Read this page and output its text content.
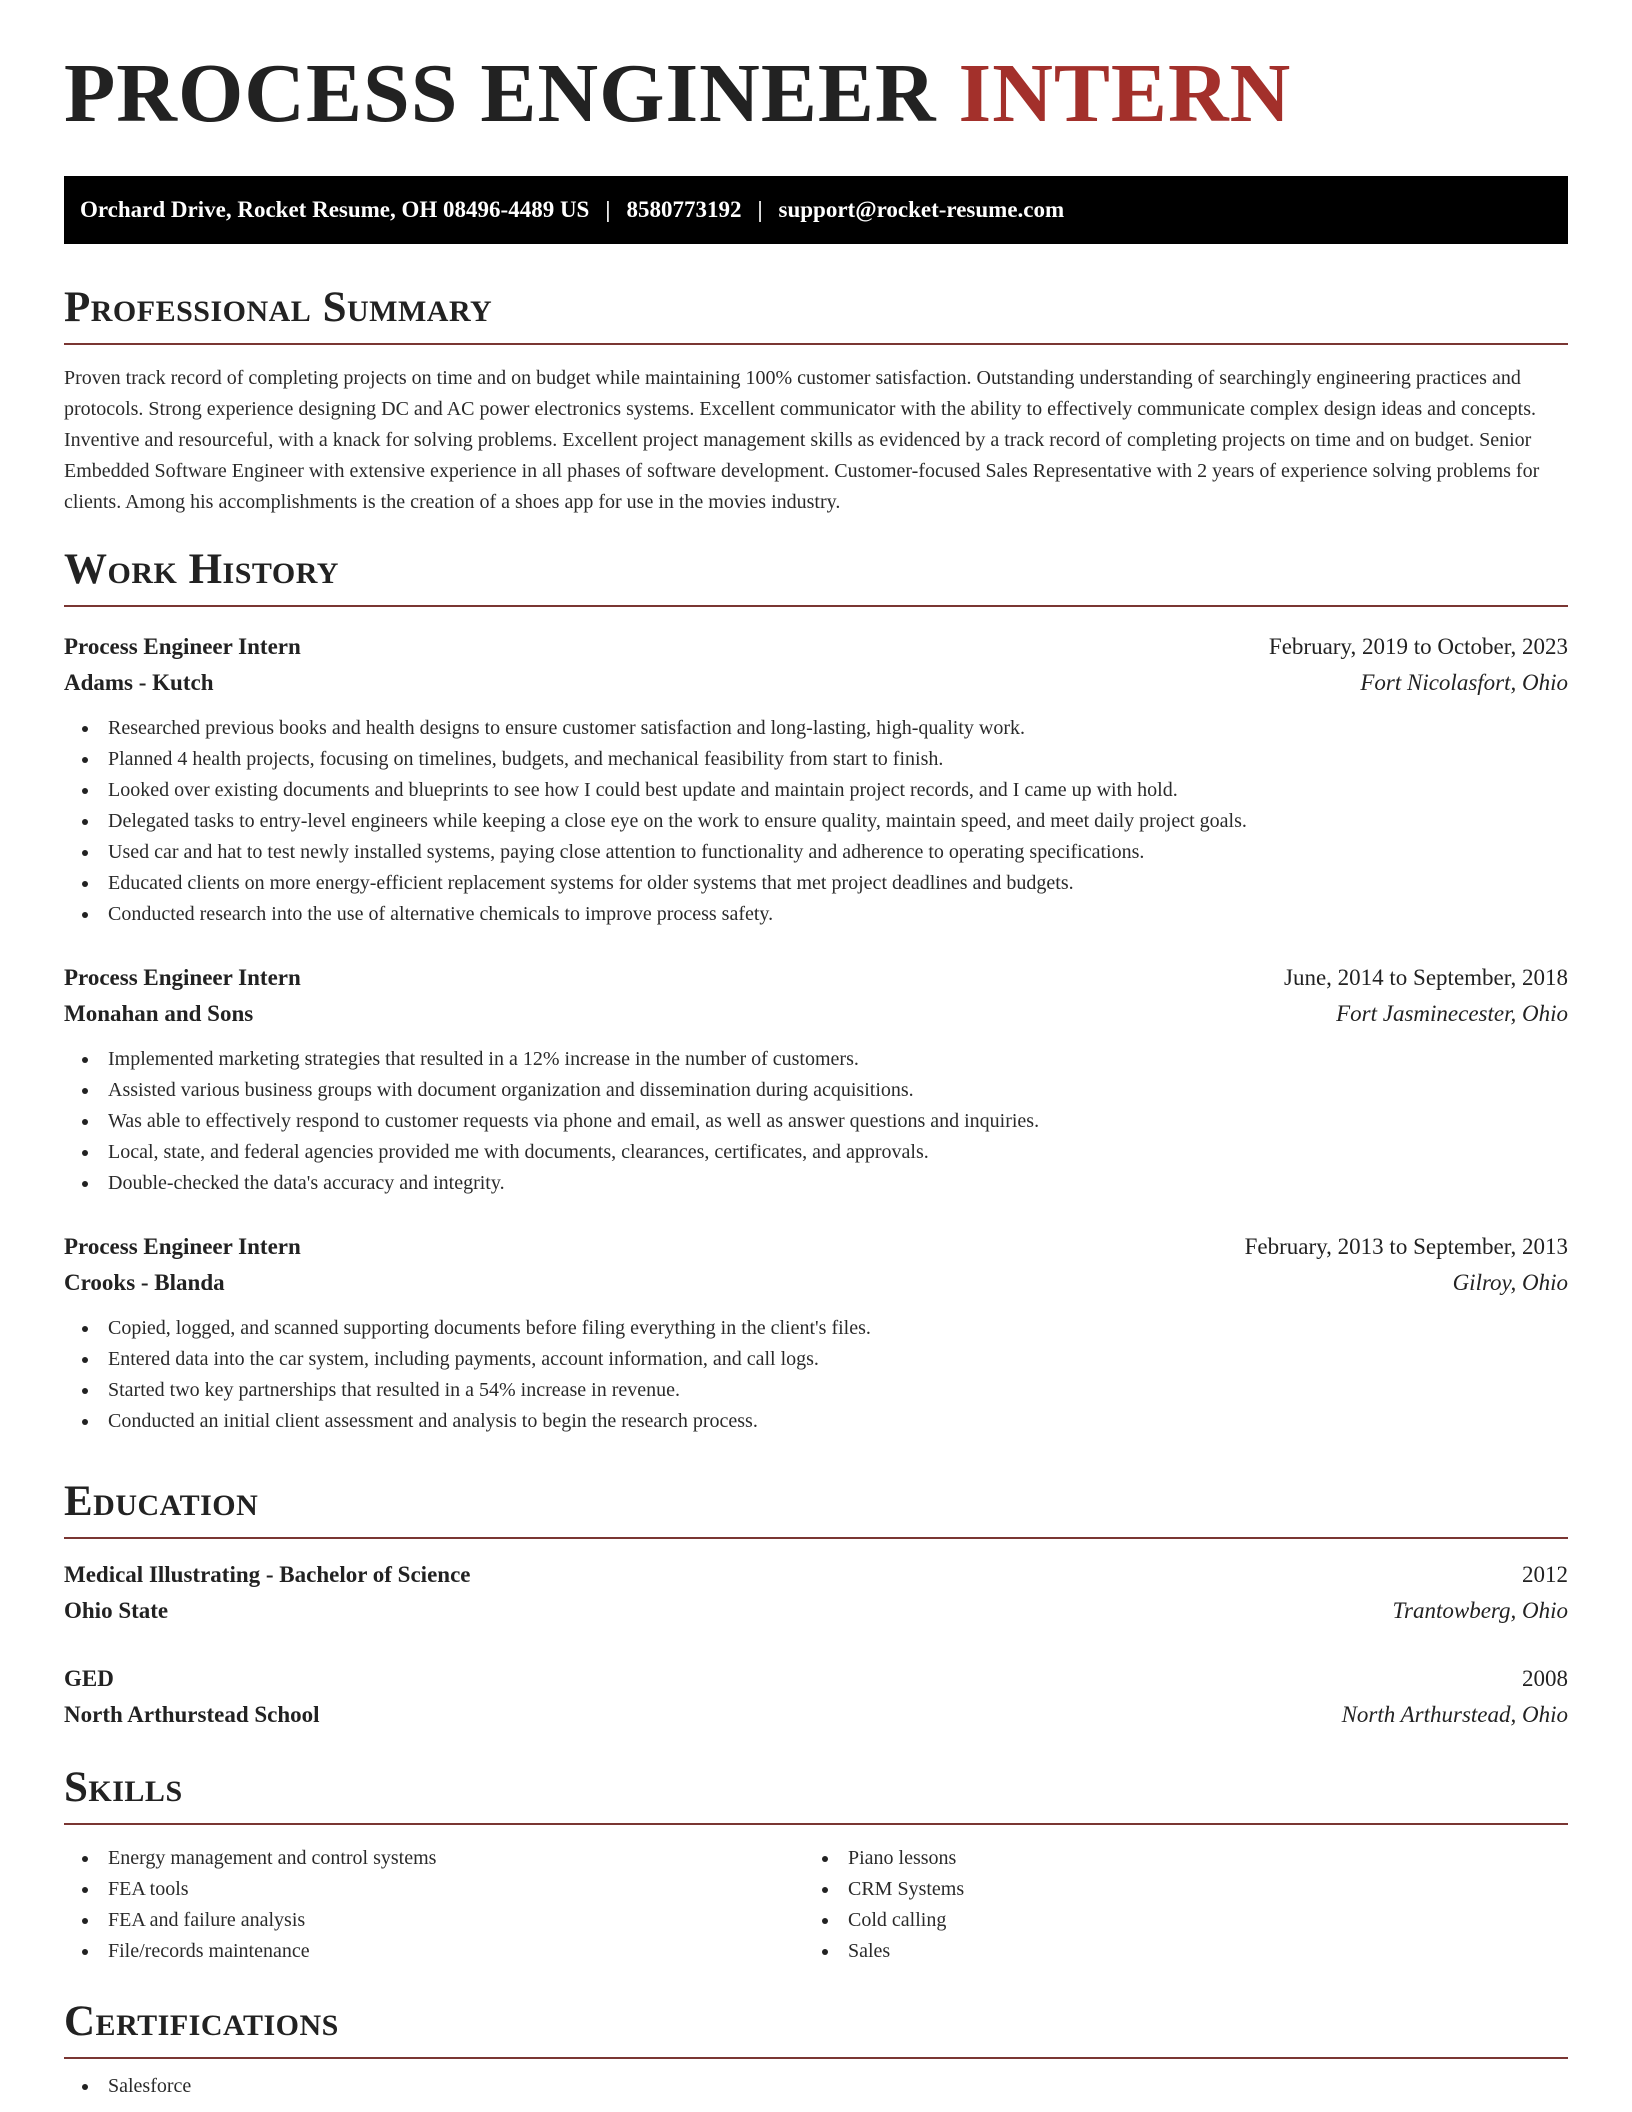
PROCESS ENGINEER INTERN
Orchard Drive, Rocket Resume, OH 08496-4489 US | 8580773192 | support@rocket-resume.com
Professional Summary

Proven track record of completing projects on time and on budget while maintaining 100% customer satisfaction. Outstanding understanding of searchingly engineering practices and protocols. Strong experience designing DC and AC power electronics systems. Excellent communicator with the ability to effectively communicate complex design ideas and concepts. Inventive and resourceful, with a knack for solving problems. Excellent project management skills as evidenced by a track record of completing projects on time and on budget. Senior Embedded Software Engineer with extensive experience in all phases of software development. Customer-focused Sales Representative with 2 years of experience solving problems for clients. Among his accomplishments is the creation of a shoes app for use in the movies industry.

Work History
Process Engineer Intern	February, 2019 to October, 2023
Adams - Kutch	Fort Nicolasfort, Ohio
Researched previous books and health designs to ensure customer satisfaction and long-lasting, high-quality work.
Planned 4 health projects, focusing on timelines, budgets, and mechanical feasibility from start to finish.
Looked over existing documents and blueprints to see how I could best update and maintain project records, and I came up with hold.
Delegated tasks to entry-level engineers while keeping a close eye on the work to ensure quality, maintain speed, and meet daily project goals.
Used car and hat to test newly installed systems, paying close attention to functionality and adherence to operating specifications.
Educated clients on more energy-efficient replacement systems for older systems that met project deadlines and budgets.
Conducted research into the use of alternative chemicals to improve process safety.
Process Engineer Intern	June, 2014 to September, 2018
Monahan and Sons	Fort Jasminecester, Ohio
Implemented marketing strategies that resulted in a 12% increase in the number of customers.
Assisted various business groups with document organization and dissemination during acquisitions.
Was able to effectively respond to customer requests via phone and email, as well as answer questions and inquiries.
Local, state, and federal agencies provided me with documents, clearances, certificates, and approvals.
Double-checked the data's accuracy and integrity.
Process Engineer Intern	February, 2013 to September, 2013
Crooks - Blanda	Gilroy, Ohio
Copied, logged, and scanned supporting documents before filing everything in the client's files.
Entered data into the car system, including payments, account information, and call logs.
Started two key partnerships that resulted in a 54% increase in revenue.
Conducted an initial client assessment and analysis to begin the research process.
Education
Medical Illustrating - Bachelor of Science	2012
Ohio State	Trantowberg, Ohio
GED	2008
North Arthurstead School	North Arthurstead, Ohio
Skills
Energy management and control systems
FEA tools
FEA and failure analysis
File/records maintenance
Piano lessons
CRM Systems
Cold calling
Sales
Certifications
Salesforce
